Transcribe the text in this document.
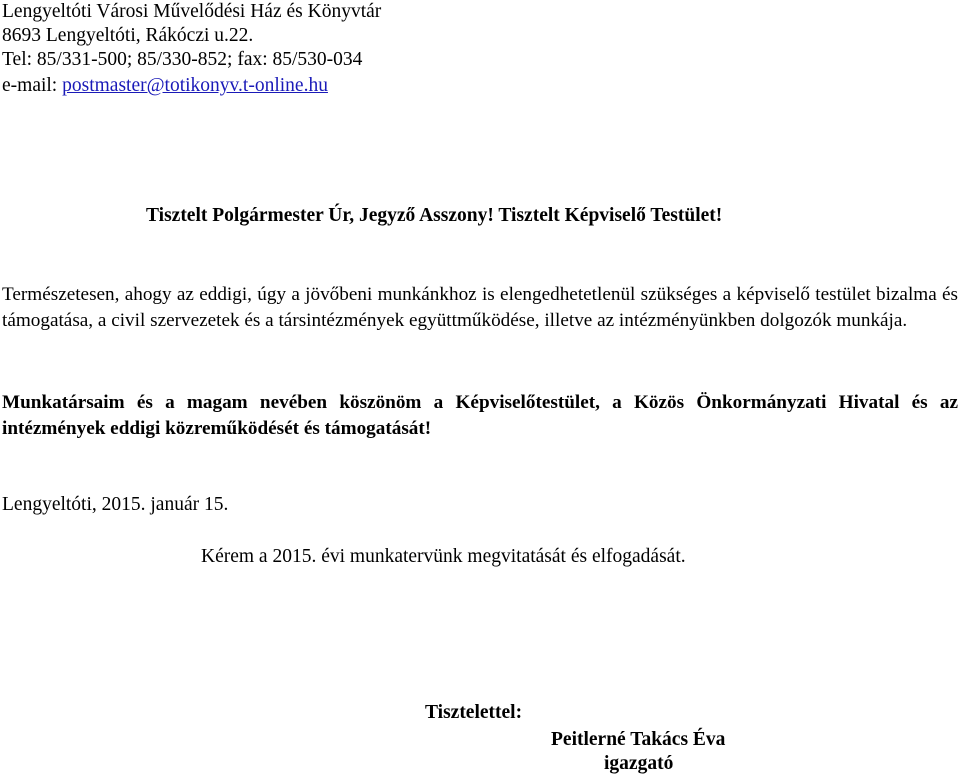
Lengyeltóti Városi Művelődési Ház és Könyvtár
8693 Lengyeltóti, Rákóczi u.22.
Tel: 85/331-500; 85/330-852; fax: 85/530-034
e-mail: postmaster@totikonyv.t-online.hu
Tisztelt Polgármester Úr, Jegyző Asszony! Tisztelt Képviselő Testület!
Természetesen, ahogy az eddigi, úgy a jövőbeni munkánkhoz is elengedhetetlenül szükséges a képviselő testület bizalma és támogatása, a civil szervezetek és a társintézmények együttműködése, illetve az intézményünkben dolgozók munkája.
Munkatársaim és a magam nevében köszönöm a Képviselőtestület, a Közös Önkormányzati Hivatal és az intézmények eddigi közreműködését és támogatását!
Lengyeltóti, 2015. január 15.
Kérem a 2015. évi munkatervünk megvitatását és elfogadását.
Tisztelettel:
Peitlerné Takács Éva
igazgató
